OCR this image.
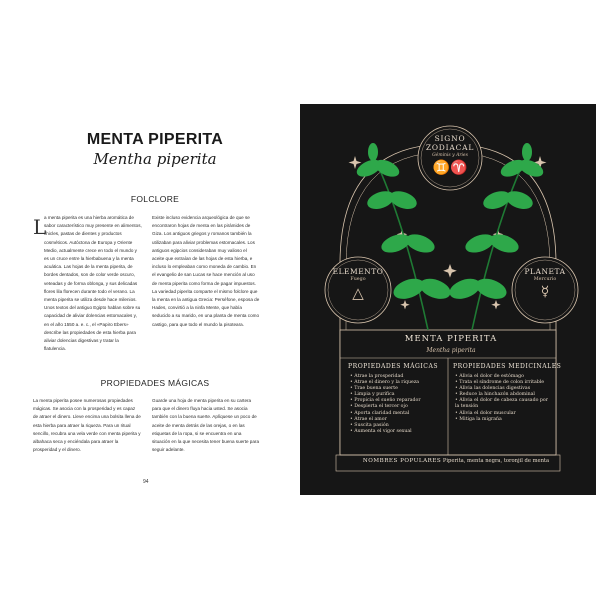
MENTA PIPERITA
Mentha piperita
FOLCLORE
L
a menta piperita es una hierba aromática de sabor característico muy presente en alimentos, chicles, pastas de dientes y productos cosméticos. Autóctona de Europa y Oriente Medio, actualmente crece en todo el mundo y es un cruce entre la hierbabuena y la menta acuática. Las hojas de la menta piperita, de bordes dentados, son de color verde oscuro, veteadas y de forma oblonga, y sus delicadas flores lila florecen durante todo el verano. La menta piperita se utiliza desde hace milenios. Unos textos del antiguo Egipto hablan sobre su capacidad de aliviar dolencias estomacales y, en el año 1550 a. e. c., el «Papiro Ebers» describe las propiedades de esta hierba para aliviar dolencias digestivas y tratar la flatulencia.
Existe incluso evidencia arqueológica de que se encontraron hojas de menta en las pirámides de Giza. Los antiguos griegos y romanos también la utilizaban para aliviar problemas estomacales. Los antiguos egipcios consideraban muy valioso el aceite que extraían de las hojas de esta hierba, e incluso lo empleaban como moneda de cambio. En el evangelio de san Lucas se hace mención al uso de menta piperita como forma de pagar impuestos. La variedad piperita comparte el mismo folclore que la menta en la antigua Grecia: Perséfone, esposa de Hades, convirtió a la ninfa Mente, que había seducido a su marido, en una planta de menta como castigo, para que todo el mundo la pisoteara.
PROPIEDADES MÁGICAS
La menta piperita posee numerosas propiedades mágicas. Se asocia con la prosperidad y es capaz de atraer el dinero. Lleve encima una bolsita llena de esta hierba para atraer la riqueza. Para un ritual sencillo, recubra una vela verde con menta piperita y albahaca seca y enciéndala para atraer la prosperidad y el dinero.
Guarde una hoja de menta piperita en su cartera para que el dinero fluya hacia usted. Se asocia también con la buena suerte. Aplíquese un poco de aceite de menta detrás de las orejas, o en las etiquetas de la ropa, si se encuentra en una situación en la que necesita tener buena suerte para seguir adelante.
94
SIGNO
ZODIACAL
Géminis y Aries
♊♈
ELEMENTO
Fuego
△
PLANETA
Mercurio
☿
MENTA PIPERITA
Mentha piperita
PROPIEDADES MÁGICAS
• Atrae la prosperidad
• Atrae el dinero y la riqueza
• Trae buena suerte
• Limpia y purifica
• Propicia el sueño reparador
• Despierta el tercer ojo
• Aporta claridad mental
• Atrae el amor
• Suscita pasión
• Aumenta el vigor sexual
PROPIEDADES MEDICINALES
• Alivia el dolor de estómago
• Trata el síndrome de colon irritable
• Alivia las dolencias digestivas
• Reduce la hinchazón abdominal
• Alivia el dolor de cabeza causado por la tensión
• Alivia el dolor muscular
• Mitiga la migraña
NOMBRES POPULARES Piperita, menta negra, toronjil de menta
